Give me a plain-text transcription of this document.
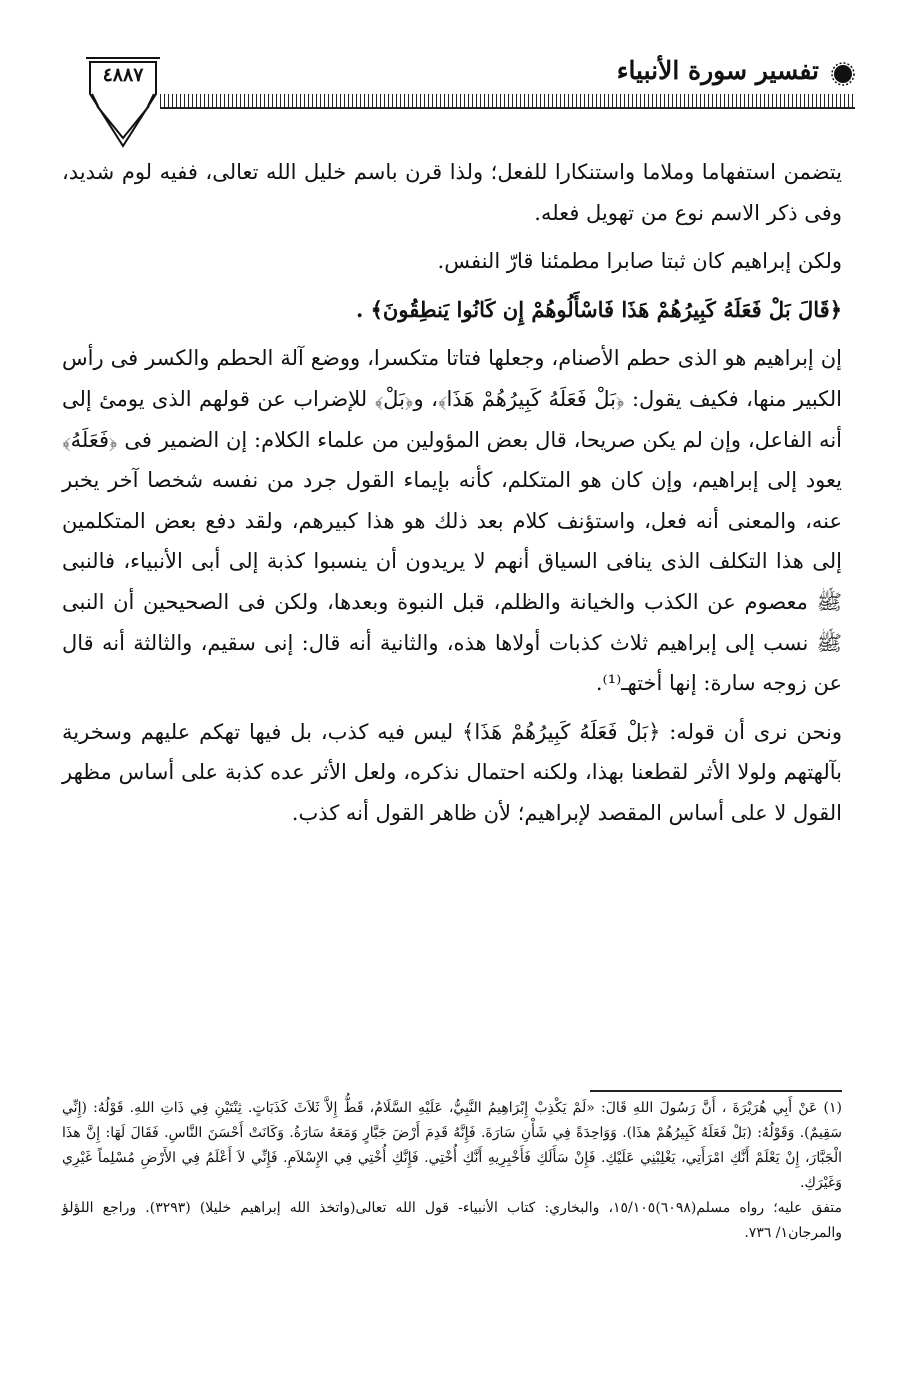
تفسير سورة الأنبياء
٤٨٨٧

يتضمن استفهاما وملاما واستنكارا للفعل؛ ولذا قرن باسم خليل الله تعالى، ففيه لوم شديد، وفى ذكر الاسم نوع من تهويل فعله.

ولكن إبراهيم كان ثبتا صابرا مطمئنا قارّ النفس.

﴿قَالَ بَلْ فَعَلَهُ كَبِيرُهُمْ هَذَا فَاسْأَلُوهُمْ إِن كَانُوا يَنطِقُونَ﴾ .

إن إبراهيم هو الذى حطم الأصنام، وجعلها فتاتا متكسرا، ووضع آلة الحطم والكسر فى رأس الكبير منها، فكيف يقول: ﴿بَلْ فَعَلَهُ كَبِيرُهُمْ هَذَا﴾، و﴿بَلْ﴾ للإضراب عن قولهم الذى يومئ إلى أنه الفاعل، وإن لم يكن صريحا، قال بعض المؤولين من علماء الكلام: إن الضمير فى ﴿فَعَلَهُ﴾ يعود إلى إبراهيم، وإن كان هو المتكلم، كأنه بإيماء القول جرد من نفسه شخصا آخر يخبر عنه، والمعنى أنه فعل، واستؤنف كلام بعد ذلك هو هذا كبيرهم، ولقد دفع بعض المتكلمين إلى هذا التكلف الذى ينافى السياق أنهم لا يريدون أن ينسبوا كذبة إلى أبى الأنبياء، فالنبى ﷺ معصوم عن الكذب والخيانة والظلم، قبل النبوة وبعدها، ولكن فى الصحيحين أن النبى ﷺ نسب إلى إبراهيم ثلاث كذبات أولاها هذه، والثانية أنه قال: إنى سقيم، والثالثة أنه قال عن زوجه سارة: إنها أختهـ⁽¹⁾.

ونحن نرى أن قوله: ﴿بَلْ فَعَلَهُ كَبِيرُهُمْ هَذَا﴾ ليس فيه كذب، بل فيها تهكم عليهم وسخرية بآلهتهم ولولا الأثر لقطعنا بهذا، ولكنه احتمال نذكره، ولعل الأثر عده كذبة على أساس مظهر القول لا على أساس المقصد لإبراهيم؛ لأن ظاهر القول أنه كذب.

(١) عَنْ أَبِي هُرَيْرَةَ ، أَنَّ رَسُولَ اللهِ قَالَ: «لَمْ يَكْذِبْ إِبْرَاهِيمُ النَّبِيُّ، عَلَيْهِ السَّلَامُ، قَطُّ إِلاَّ ثَلاَثَ كَذَبَاتٍ. ثِنْتَيْنِ فِي ذَاتِ اللهِ. قَوْلُهُ: (إِنِّي سَقِيمٌ). وَقَوْلُهُ: (بَلْ فَعَلَهُ كَبِيرُهُمْ هذَا). وَوَاحِدَةً فِي شَأْنِ سَارَةَ. فَإِنَّهُ قَدِمَ أَرْضَ جَبَّارٍ وَمَعَهُ سَارَةُ. وَكَانَتْ أَحْسَنَ النَّاسِ. فَقَالَ لَهَا: إِنَّ هذَا الْجَبَّارَ، إِنْ يَعْلَمْ أَنَّكِ امْرَأَتِي، يَغْلِبْنِي عَلَيْكِ. فَإِنْ سَأَلَكِ فَأَخْبِرِيهِ أَنَّكِ أُخْتِي. فَإِنَّكِ أُخْتِي فِي الإِسْلاَمِ. فَإِنِّي لاَ أَعْلَمُ فِي الأَرْضِ مُسْلِماً غَيْرِي وَغَيْرَكِ.

متفق عليه؛ رواه مسلم(٦٠٩٨)١٥/١٠٥، والبخاري: كتاب الأنبياء- قول الله تعالى(واتخذ الله إبراهيم خليلا) (٣٢٩٣). وراجع اللؤلؤ والمرجان١/ ٧٣٦.
